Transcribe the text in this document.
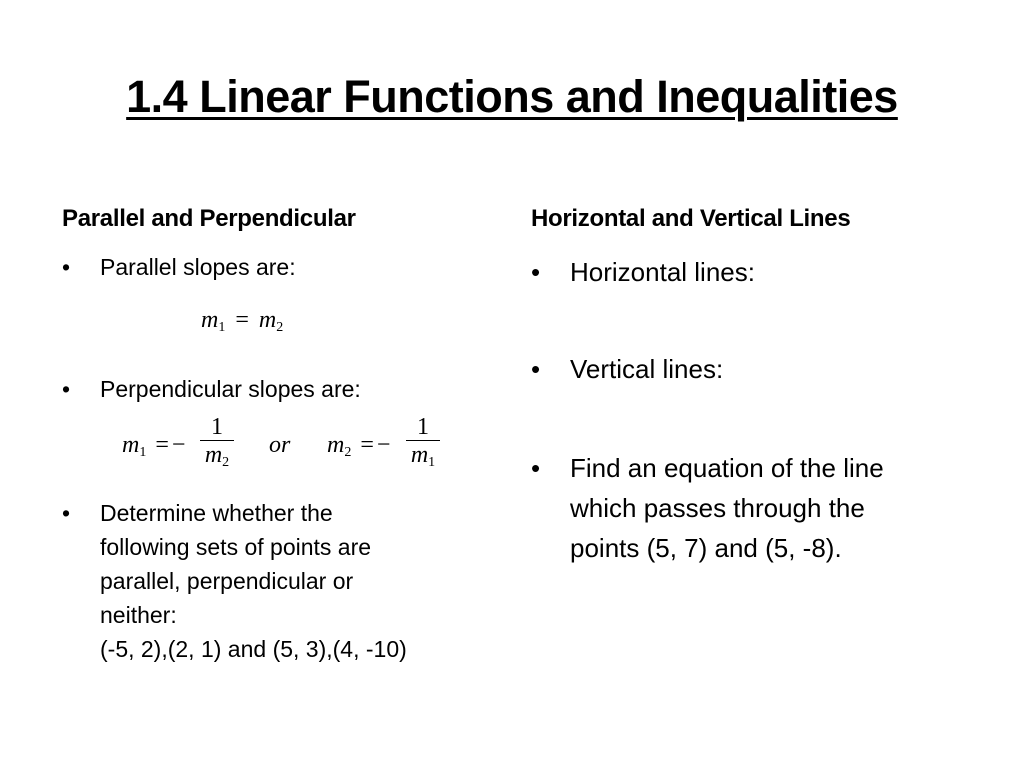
1.4 Linear Functions and Inequalities
Parallel and Perpendicular
• Parallel slopes are:
$m_1 = m_2$
• Perpendicular slopes are:
$m_1$ = −
1
$m_2$
or $m_2$ = −
1
$m_1$
• Determine whether the
following sets of points are
parallel, perpendicular or
neither:
(-5, 2),(2, 1) and (5, 3),(4, -10)
Horizontal and Vertical Lines
• Horizontal lines:
• Vertical lines:
• Find an equation of the line
which passes through the
points (5, 7) and (5, -8).
